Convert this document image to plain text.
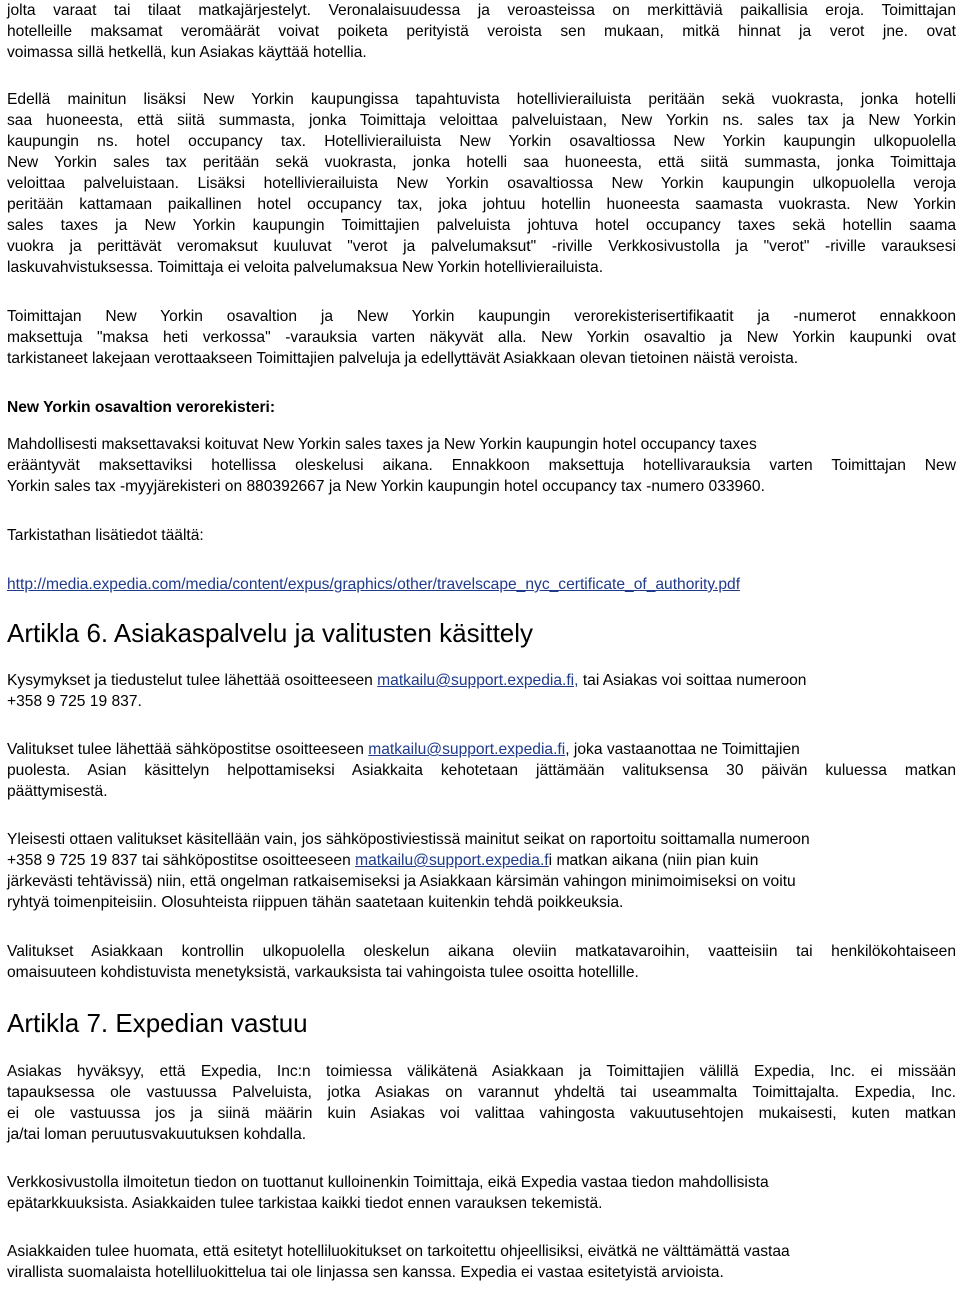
jolta varaat tai tilaat matkajärjestelyt. Veronalaisuudessa ja veroasteissa on merkittäviä paikallisia eroja. Toimittajan
hotelleille maksamat veromäärät voivat poiketa perityistä veroista sen mukaan, mitkä hinnat ja verot jne. ovat
voimassa sillä hetkellä, kun Asiakas käyttää hotellia.

Edellä mainitun lisäksi New Yorkin kaupungissa tapahtuvista hotellivierailuista peritään sekä vuokrasta, jonka hotelli
saa huoneesta, että siitä summasta, jonka Toimittaja veloittaa palveluistaan, New Yorkin ns. sales tax ja New Yorkin
kaupungin ns. hotel occupancy tax. Hotellivierailuista New Yorkin osavaltiossa New Yorkin kaupungin ulkopuolella
New Yorkin sales tax peritään sekä vuokrasta, jonka hotelli saa huoneesta, että siitä summasta, jonka Toimittaja
veloittaa palveluistaan. Lisäksi hotellivierailuista New Yorkin osavaltiossa New Yorkin kaupungin ulkopuolella veroja
peritään kattamaan paikallinen hotel occupancy tax, joka johtuu hotellin huoneesta saamasta vuokrasta. New Yorkin
sales taxes ja New Yorkin kaupungin Toimittajien palveluista johtuva hotel occupancy taxes sekä hotellin saama
vuokra ja perittävät veromaksut kuuluvat "verot ja palvelumaksut" -riville Verkkosivustolla ja "verot" -riville varauksesi
laskuvahvistuksessa. Toimittaja ei veloita palvelumaksua New Yorkin hotellivierailuista.

Toimittajan New Yorkin osavaltion ja New Yorkin kaupungin verorekisterisertifikaatit ja -numerot ennakkoon
maksettuja "maksa heti verkossa" -varauksia varten näkyvät alla. New Yorkin osavaltio ja New Yorkin kaupunki ovat
tarkistaneet lakejaan verottaakseen Toimittajien palveluja ja edellyttävät Asiakkaan olevan tietoinen näistä veroista.

New Yorkin osavaltion verorekisteri:

Mahdollisesti maksettavaksi koituvat New Yorkin sales taxes ja New Yorkin kaupungin hotel occupancy taxes
erääntyvät maksettaviksi hotellissa oleskelusi aikana. Ennakkoon maksettuja hotellivarauksia varten Toimittajan New
Yorkin sales tax -myyjärekisteri on 880392667 ja New Yorkin kaupungin hotel occupancy tax -numero 033960.

Tarkistathan lisätiedot täältä:

http://media.expedia.com/media/content/expus/graphics/other/travelscape_nyc_certificate_of_authority.pdf

Artikla 6. Asiakaspalvelu ja valitusten käsittely

Kysymykset ja tiedustelut tulee lähettää osoitteeseen matkailu@support.expedia.fi, tai Asiakas voi soittaa numeroon
+358 9 725 19 837.

Valitukset tulee lähettää sähköpostitse osoitteeseen matkailu@support.expedia.fi, joka vastaanottaa ne Toimittajien
puolesta. Asian käsittelyn helpottamiseksi Asiakkaita kehotetaan jättämään valituksensa 30 päivän kuluessa matkan
päättymisestä.

Yleisesti ottaen valitukset käsitellään vain, jos sähköpostiviestissä mainitut seikat on raportoitu soittamalla numeroon
+358 9 725 19 837 tai sähköpostitse osoitteeseen matkailu@support.expedia.fi matkan aikana (niin pian kuin
järkevästi tehtävissä) niin, että ongelman ratkaisemiseksi ja Asiakkaan kärsimän vahingon minimoimiseksi on voitu
ryhtyä toimenpiteisiin. Olosuhteista riippuen tähän saatetaan kuitenkin tehdä poikkeuksia.

Valitukset Asiakkaan kontrollin ulkopuolella oleskelun aikana oleviin matkatavaroihin, vaatteisiin tai henkilökohtaiseen
omaisuuteen kohdistuvista menetyksistä, varkauksista tai vahingoista tulee osoitta hotellille.

Artikla 7. Expedian vastuu

Asiakas hyväksyy, että Expedia, Inc:n toimiessa välikätenä Asiakkaan ja Toimittajien välillä Expedia, Inc. ei missään
tapauksessa ole vastuussa Palveluista, jotka Asiakas on varannut yhdeltä tai useammalta Toimittajalta. Expedia, Inc.
ei ole vastuussa jos ja siinä määrin kuin Asiakas voi valittaa vahingosta vakuutusehtojen mukaisesti, kuten matkan
ja/tai loman peruutusvakuutuksen kohdalla.

Verkkosivustolla ilmoitetun tiedon on tuottanut kulloinenkin Toimittaja, eikä Expedia vastaa tiedon mahdollisista
epätarkkuuksista. Asiakkaiden tulee tarkistaa kaikki tiedot ennen varauksen tekemistä.

Asiakkaiden tulee huomata, että esitetyt hotelliluokitukset on tarkoitettu ohjeellisiksi, eivätkä ne välttämättä vastaa
virallista suomalaista hotelliluokittelua tai ole linjassa sen kanssa. Expedia ei vastaa esitetyistä arvioista.
